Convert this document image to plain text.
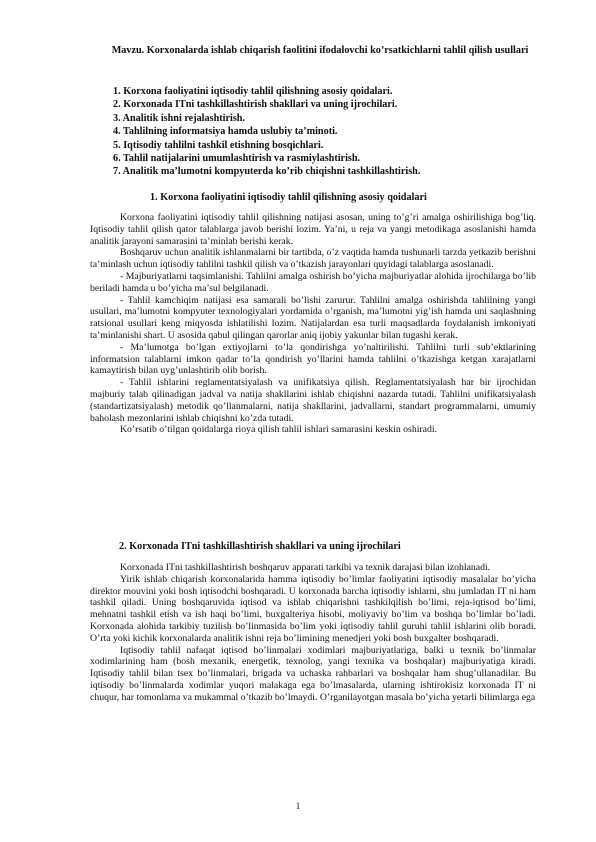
Mavzu. Korxonalarda ishlab chiqarish faolitini ifodalovchi ko’rsatkichlarni tahlil qilish usullari
1. Korxona faoliyatini iqtisodiy tahlil qilishning asosiy qoidalari.
2. Korxonada ITni tashkillashtirish shakllari va uning ijrochilari.
3. Analitik ishni rejalashtirish.
4. Tahlilning informatsiya hamda uslubiy ta’minoti.
5. Iqtisodiy tahlilni tashkil etishning bosqichlari.
6. Tahlil natijalarini umumlashtirish va rasmiylashtirish.
7. Analitik ma’lumotni kompyuterda ko’rib chiqishni tashkillashtirish.
1. Korxona faoliyatini iqtisodiy tahlil qilishning asosiy qoidalari

Korxona faoliyatini iqtisodiy tahlil qilishning natijasi asosan, uning to’g’ri amalga oshirilishiga bog’liq. Iqtisodiy tahlil qilish qator talablarga javob berishi lozim. Ya’ni, u reja va yangi metodikaga asoslanishi hamda analitik jarayoni samarasini ta’minlab berishi kerak.

Boshqaruv uchun analitik ishlanmalarni bir tartibda, o’z vaqtida hamda tushunarli tarzda yetkazib berishni ta’minlash uchun iqtisodiy tahlilni tashkil qilish va o’tkazish jarayonlari quyidagi talablarga asoslanadi.

- Majburiyatlarni taqsimlanishi. Tahlilni amalga oshirish bo’yicha majburiyatlar alohida ijrochilarga bo’lib beriladi hamda u bo’yicha ma’sul belgilanadi.

- Tahlil kamchiqim natijasi esa samarali bo’lishi zarurur. Tahlilni amalga oshirishda tahlilning yangi usullari, ma’lumotni kompyuter texnologiyalari yordamida o’rganish, ma’lumotni yig’ish hamda uni saqlashning ratsional usullari keng miqyosda ishlatilishi lozim. Natijalardan esa turli maqsadlarda foydalanish imkoniyati ta’minlanishi shart. U asosida qabul qilingan qarorlar aniq ijobiy yakunlar bilan tugashi kerak.

- Ma’lumotga bo’lgan extiyojlarni to’la qondirishga yo’naltirilishi. Tahlilni turli sub’ektlarining informatsion talablarni imkon qadar to’la qondirish yo’llarini hamda tahlilni o’tkazishga ketgan xarajatlarni kamaytirish bilan uyg’unlashtirib olib borish.

- Tahlil ishlarini reglamentatsiyalash va unifikatsiya qilish. Reglamentatsiyalash har bir ijrochidan majburiy talab qilinadigan jadval va natija shakllarini ishlab chiqishni nazarda tutadi. Tahlilni unifikatsiyalash (standartizatsiyalash) metodik qo’llanmalarni, natija shakllarini, jadvallarni, standart programmalarni, umumiy baholash mezonlarini ishlab chiqishni ko’zda tutadi.

Ko’rsatib o’tilgan qoidalarga rioya qilish tahlil ishlari samarasini keskin oshiradi.

2. Korxonada ITni tashkillashtirish shakllari va uning ijrochilari

Korxonada ITni tashkillashtirish boshqaruv apparati tarkibi va texnik darajasi bilan izohlanadi.

Yirik ishlab chiqarish korxonalarida hamma iqtisodiy bo’limlar faoliyatini iqtisodiy masalalar bo’yicha direktor mouvini yoki bosh iqtisodchi boshqaradi. U korxonada barcha iqtisodiy ishlarni, shu jumladan IT ni ham tashkil qiladi. Uning boshqaruvida iqtisod va ishlab chiqarishni tashkilqilish bo’limi, reja-iqtisod bo’limi, mehnatni tashkil etish va ish haqi bo’limi, buxgalteriya hisobi, moliyaviy bo’lim va boshqa bo’limlar bo’ladi. Korxonada alohida tarkibiy tuzilish bo’linmasida bo’lim yoki iqtisodiy tahlil guruhi tahlil ishlarini olib boradi. O’rta yoki kichik korxonalarda analitik ishni reja bo’limining menedjeri yoki bosh buxgalter boshqaradi.

Iqtisodiy tahlil nafaqat iqtisod bo’linmalari xodimlari majburiyatlariga, balki u texnik bo’linmalar xodimlarining ham (bosh mexanik, energetik, texnolog, yangi texnika va boshqalar) majburiyatiga kiradi. Iqtisodiy tahlil bilan tsex bo’linmalari, brigada va uchaska rahbarlari va boshqalar ham shug’ullanadilar. Bu iqtisodiy bo’linmalarda xodimlar yuqori malakaga ega bo’lmasalarda, ularning ishtirokisiz korxonada IT ni chuqur, har tomonlama va mukammal o’tkazib bo’lmaydi. O’rganilayotgan masala bo’yicha yetarli bilimlarga ega

1
